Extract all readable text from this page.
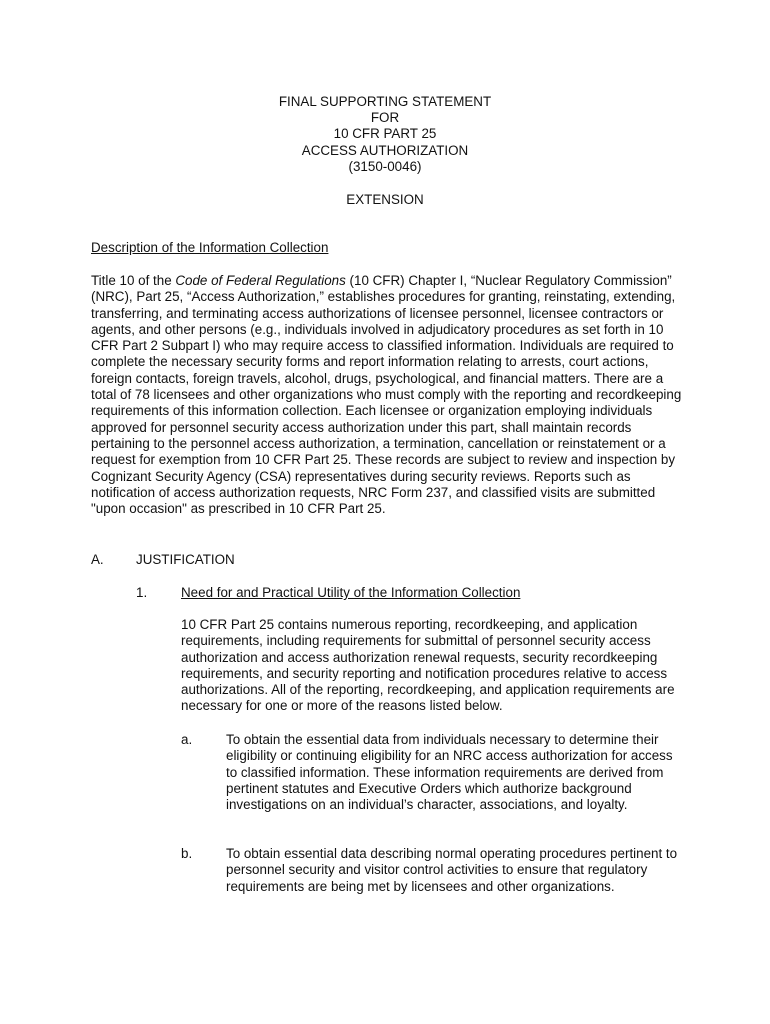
FINAL SUPPORTING STATEMENT
FOR
10 CFR PART 25
ACCESS AUTHORIZATION
(3150-0046)
EXTENSION
Description of the Information Collection

Title 10 of the Code of Federal Regulations (10 CFR) Chapter I, “Nuclear Regulatory Commission” (NRC), Part 25, “Access Authorization,” establishes procedures for granting, reinstating, extending, transferring, and terminating access authorizations of licensee personnel, licensee contractors or agents, and other persons (e.g., individuals involved in adjudicatory procedures as set forth in 10 CFR Part 2 Subpart I) who may require access to classified information. Individuals are required to complete the necessary security forms and report information relating to arrests, court actions, foreign contacts, foreign travels, alcohol, drugs, psychological, and financial matters. There are a total of 78 licensees and other organizations who must comply with the reporting and recordkeeping requirements of this information collection. Each licensee or organization employing individuals approved for personnel security access authorization under this part, shall maintain records pertaining to the personnel access authorization, a termination, cancellation or reinstatement or a request for exemption from 10 CFR Part 25. These records are subject to review and inspection by Cognizant Security Agency (CSA) representatives during security reviews. Reports such as notification of access authorization requests, NRC Form 237, and classified visits are submitted "upon occasion" as prescribed in 10 CFR Part 25.

A. JUSTIFICATION
1.	Need for and Practical Utility of the Information Collection

10 CFR Part 25 contains numerous reporting, recordkeeping, and application requirements, including requirements for submittal of personnel security access authorization and access authorization renewal requests, security recordkeeping requirements, and security reporting and notification procedures relative to access authorizations. All of the reporting, recordkeeping, and application requirements are necessary for one or more of the reasons listed below.

a.	To obtain the essential data from individuals necessary to determine their eligibility or continuing eligibility for an NRC access authorization for access to classified information. These information requirements are derived from pertinent statutes and Executive Orders which authorize background investigations on an individual’s character, associations, and loyalty.

b.	To obtain essential data describing normal operating procedures pertinent to personnel security and visitor control activities to ensure that regulatory requirements are being met by licensees and other organizations.
